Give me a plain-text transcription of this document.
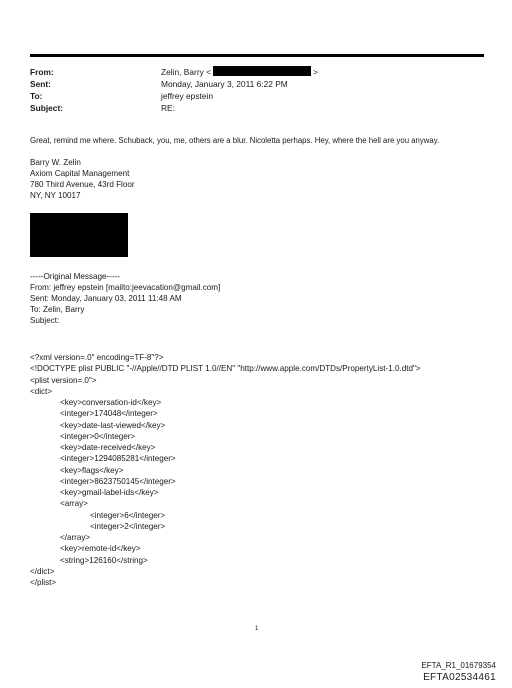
From:
Sent:
To:
Subject:
Zelin, Barry <	>
Monday, January 3, 2011 6:22 PM
jeffrey epstein
RE:
Great, remind me where. Schuback, you, me, others are a blur. Nicoletta perhaps. Hey, where the hell are you anyway.
Barry W. Zelin
Axiom Capital Management
780 Third Avenue, 43rd Floor
NY, NY 10017
-----Original Message-----
From: jeffrey epstein [mailto:jeevacation@gmail.com]
Sent: Monday, January 03, 2011 11:48 AM
To: Zelin, Barry
Subject:
<?xml version=.0" encoding=TF-8"?>
<!DOCTYPE plist PUBLIC "-//Apple//DTD PLIST 1.0//EN" "http://www.apple.com/DTDs/PropertyList-1.0.dtd">
<plist version=.0">
<dict>
<key>conversation-id</key>
<integer>174048</integer>
<key>date-last-viewed</key>
<integer>0</integer>
<key>date-received</key>
<integer>1294085281</integer>
<key>flags</key>
<integer>8623750145</integer>
<key>gmail-label-ids</key>
<array>
<integer>6</integer>
<integer>2</integer>
</array>
<key>remote-id</key>
<string>126160</string>
</dict>
</plist>
1
EFTA_R1_01679354
EFTA02534461
